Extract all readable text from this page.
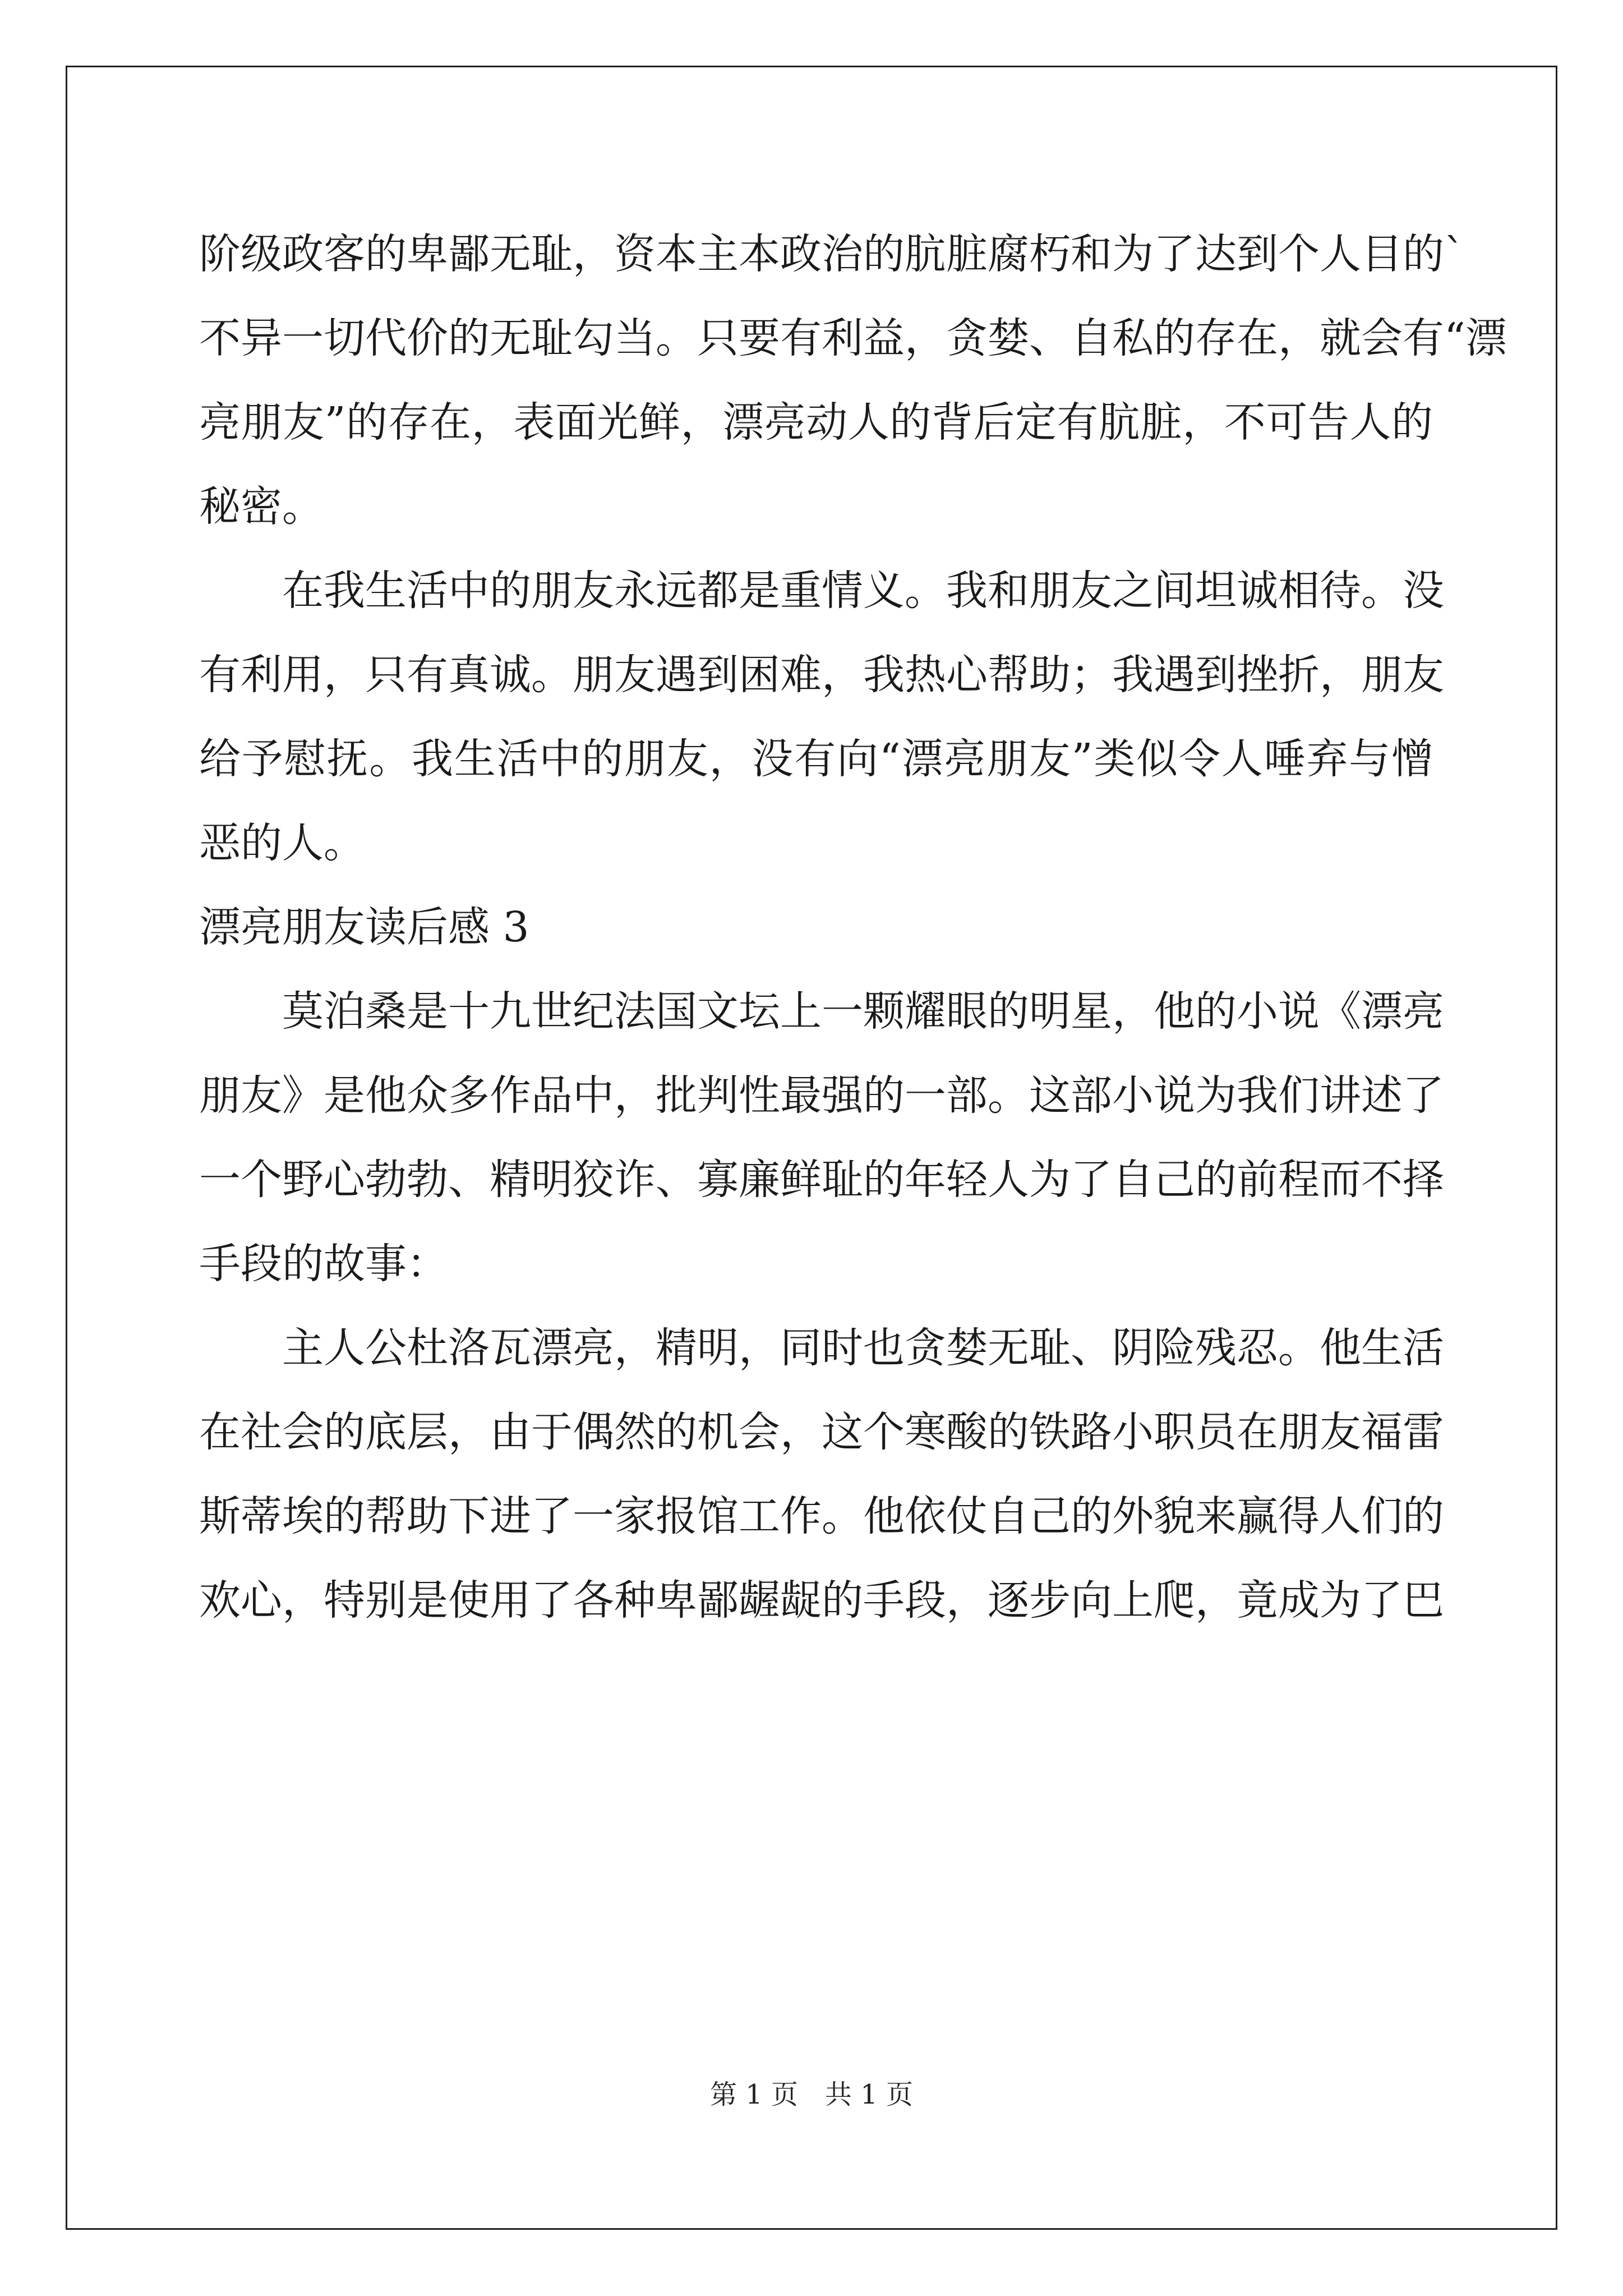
阶级政客的卑鄙无耻，资本主本政治的肮脏腐朽和为了达到个人目的`
不异一切代价的无耻勾当。只要有利益，贪婪、自私的存在，就会有“漂
亮朋友”的存在，表面光鲜，漂亮动人的背后定有肮脏，不可告人的
秘密。
在我生活中的朋友永远都是重情义。我和朋友之间坦诚相待。没
有利用，只有真诚。朋友遇到困难，我热心帮助；我遇到挫折，朋友
给予慰抚。我生活中的朋友，没有向“漂亮朋友”类似令人唾弃与憎
恶的人。
漂亮朋友读后感 3
莫泊桑是十九世纪法国文坛上一颗耀眼的明星，他的小说《漂亮
朋友》是他众多作品中，批判性最强的一部。这部小说为我们讲述了
一个野心勃勃、精明狡诈、寡廉鲜耻的年轻人为了自己的前程而不择
手段的故事：
主人公杜洛瓦漂亮，精明，同时也贪婪无耻、阴险残忍。他生活
在社会的底层，由于偶然的机会，这个寒酸的铁路小职员在朋友福雷
斯蒂埃的帮助下进了一家报馆工作。他依仗自己的外貌来赢得人们的
欢心，特别是使用了各种卑鄙龌龊的手段，逐步向上爬，竟成为了巴
第 1 页　共 1 页
